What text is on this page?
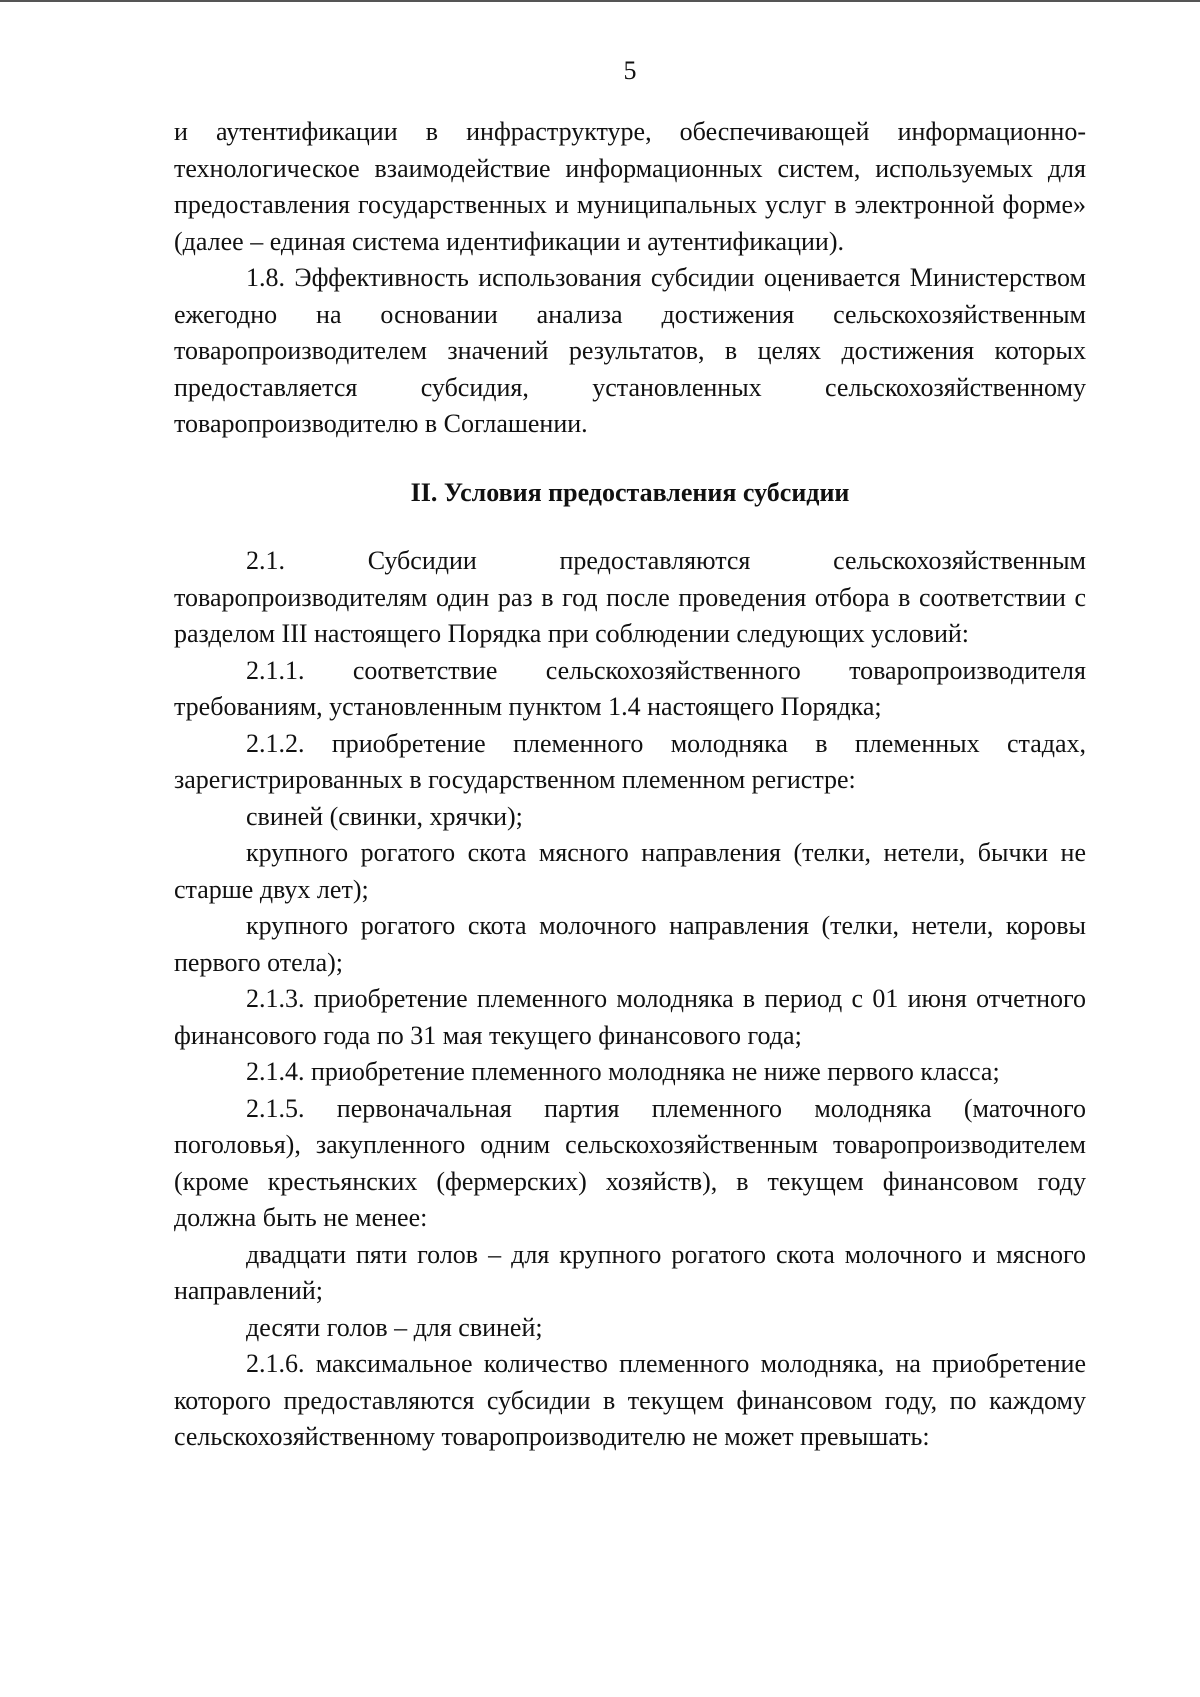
5

и аутентификации в инфраструктуре, обеспечивающей информационно-технологическое взаимодействие информационных систем, используемых для предоставления государственных и муниципальных услуг в электронной форме» (далее – единая система идентификации и аутентификации).

1.8. Эффективность использования субсидии оценивается Министерством ежегодно на основании анализа достижения сельскохозяйственным товаропроизводителем значений результатов, в целях достижения которых предоставляется субсидия, установленных сельскохозяйственному товаропроизводителю в Соглашении.

II. Условия предоставления субсидии

2.1. Субсидии предоставляются сельскохозяйственным товаропроизводителям один раз в год после проведения отбора в соответствии с разделом III настоящего Порядка при соблюдении следующих условий:

2.1.1. соответствие сельскохозяйственного товаропроизводителя требованиям, установленным пунктом 1.4 настоящего Порядка;

2.1.2. приобретение племенного молодняка в племенных стадах, зарегистрированных в государственном племенном регистре:

свиней (свинки, хрячки);

крупного рогатого скота мясного направления (телки, нетели, бычки не старше двух лет);

крупного рогатого скота молочного направления (телки, нетели, коровы первого отела);

2.1.3. приобретение племенного молодняка в период с 01 июня отчетного финансового года по 31 мая текущего финансового года;

2.1.4. приобретение племенного молодняка не ниже первого класса;

2.1.5. первоначальная партия племенного молодняка (маточного поголовья), закупленного одним сельскохозяйственным товаропроизводителем (кроме крестьянских (фермерских) хозяйств), в текущем финансовом году должна быть не менее:

двадцати пяти голов – для крупного рогатого скота молочного и мясного направлений;

десяти голов – для свиней;

2.1.6. максимальное количество племенного молодняка, на приобретение которого предоставляются субсидии в текущем финансовом году, по каждому сельскохозяйственному товаропроизводителю не может превышать:
